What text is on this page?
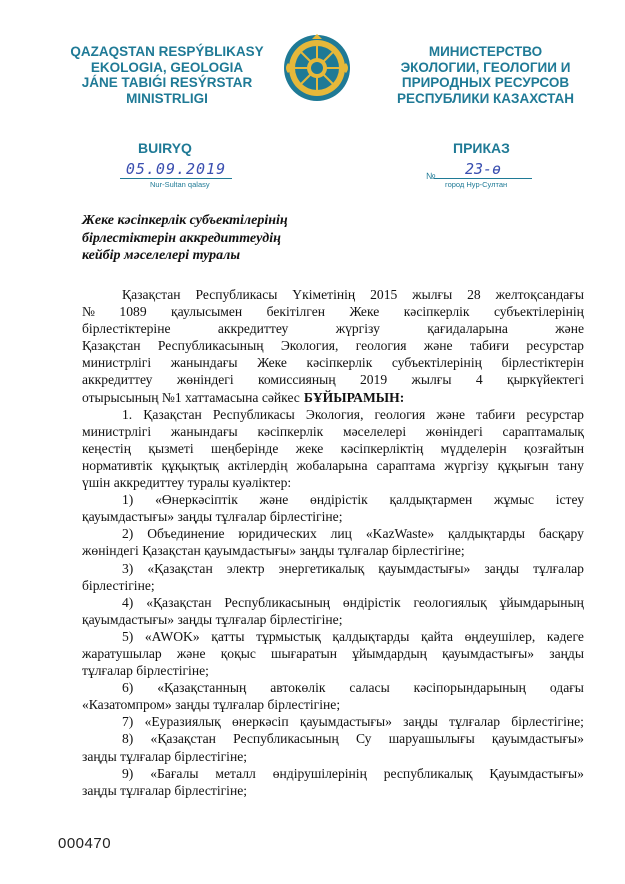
QAZAQSTAN RESPÝBLIKASY
EKOLOGIA, GEOLOGIA
JÁNE TABIǴI RESÝRSTAR
MINISTRLІGІ
МИНИСТЕРСТВО
ЭКОЛОГИИ, ГЕОЛОГИИ И
ПРИРОДНЫХ РЕСУРСОВ
РЕСПУБЛИКИ КАЗАХСТАН
BUIRYQ
05.09.2019
Nur-Sultan qalasy
ПРИКАЗ
№	23-ө
город Нур-Султан
Жеке кәсіпкерлік субъектілерінің
бірлестіктерін аккредиттеудің
кейбір мәселелері туралы
Қазақстан Республикасы Үкіметінің 2015 жылғы 28 желтоқсандағы
№ 1089 қаулысымен бекітілген Жеке кәсіпкерлік субъектілерінің
бірлестіктеріне	аккредиттеу	жүргізу	қағидаларына	және
Қазақстан Республикасының Экология, геология және табиғи ресурстар
министрлігі жанындағы Жеке кәсіпкерлік субъектілерінің бірлестіктерін
аккредиттеу жөніндегі комиссияның 2019 жылғы 4 қыркүйектегі
отырысының №1 хаттамасына сәйкес БҰЙЫРАМЫН:
1. Қазақстан Республикасы Экология, геология және табиғи ресурстар
министрлігі жанындағы кәсіпкерлік мәселелері жөніндегі сараптамалық
кеңестің қызметі шеңберінде жеке кәсіпкерліктің мүдделерін қозғайтын
нормативтік құқықтық актілердің жобаларына сараптама жүргізу құқығын тану
үшін аккредиттеу туралы куәліктер:
1) «Өнеркәсіптік және өндірістік қалдықтармен жұмыс істеу
қауымдастығы» заңды тұлғалар бірлестігіне;
2) Объединение юридических лиц «KazWaste» қалдықтарды басқару
жөніндегі Қазақстан қауымдастығы» заңды тұлғалар бірлестігіне;
3) «Қазақстан электр энергетикалық қауымдастығы» заңды тұлғалар
бірлестігіне;
4) «Қазақстан Республикасының өндірістік геологиялық ұйымдарының
қауымдастығы» заңды тұлғалар бірлестігіне;
5) «AWOK» қатты тұрмыстық қалдықтарды қайта өңдеушілер, кәдеге
жаратушылар және қоқыс шығаратын ұйымдардың қауымдастығы» заңды
тұлғалар бірлестігіне;
6) «Қазақстанның автокөлік саласы кәсіпорындарының одағы
«Казатомпром» заңды тұлғалар бірлестігіне;
7) «Еуразиялық өнеркәсіп қауымдастығы» заңды тұлғалар бірлестігіне;
8) «Қазақстан Республикасының Су шаруашылығы қауымдастығы»
заңды тұлғалар бірлестігіне;
9) «Бағалы металл өндірушілерінің республикалық Қауымдастығы»
заңды тұлғалар бірлестігіне;
000470
